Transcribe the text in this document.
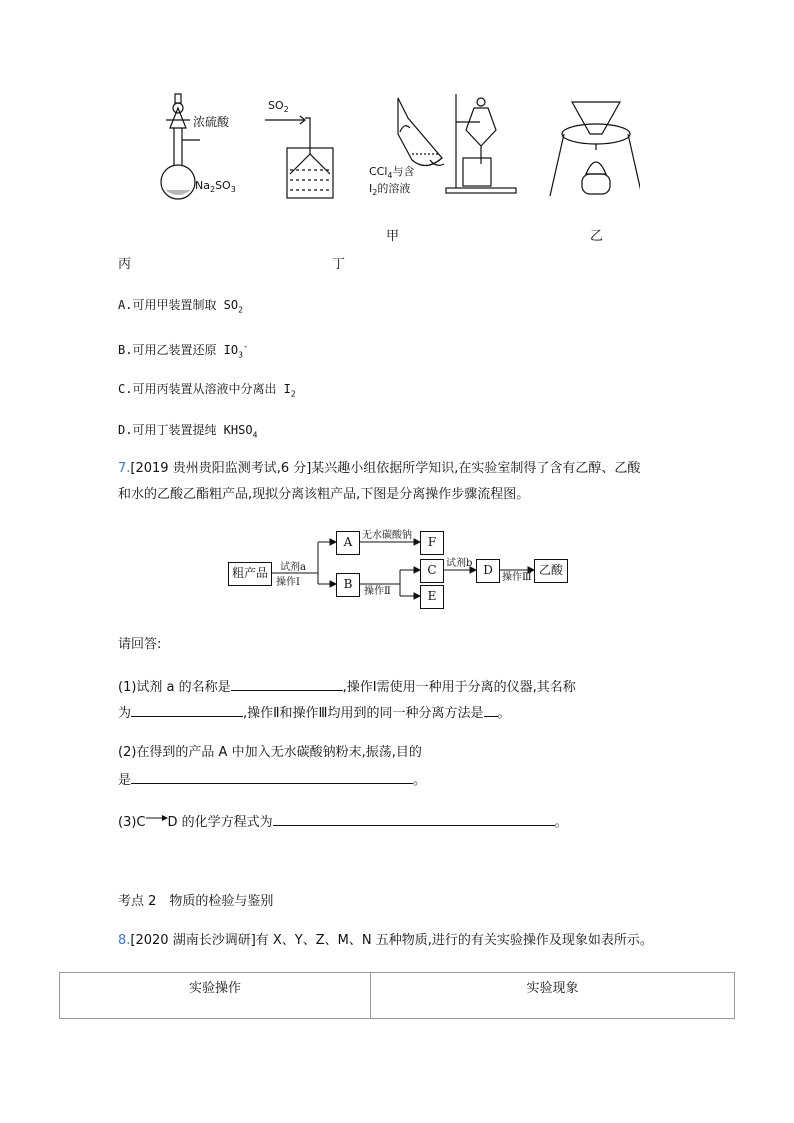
浓硫酸
$Na_2SO_3$
$SO_2$
CCl$_4$与含
$I_2$的溶液
甲	乙
丙	丁
A.可用甲装置制取 $SO_2$
B.可用乙装置还原 $IO_3^-$
C.可用丙装置从溶液中分离出 $I_2$
D.可用丁装置提纯 $KHSO_4$
7.[2019 贵州贵阳监测考试,6 分]某兴趣小组依据所学知识,在实验室制得了含有乙醇、乙酸
和水的乙酸乙酯粗产品,现拟分离该粗产品,下图是分离操作步骤流程图。
粗产品
A
B
F
C
E
D	乙酸
试剂a
操作Ⅰ
无水碳酸钠
操作Ⅱ
试剂b
操作Ⅲ
请回答:
(1)试剂 a 的名称是	,操作Ⅰ需使用一种用于分离的仪器,其名称
为	,操作Ⅱ和操作Ⅲ均用到的同一种分离方法是 。
(2)在得到的产品 A 中加入无水碳酸钠粉末,振荡,目的
是	。
(3)C→D 的化学方程式为	。
考点 2　物质的检验与鉴别
8.[2020 湖南长沙调研]有 X、Y、Z、M、N 五种物质,进行的有关实验操作及现象如表所示。
实验操作	实验现象
